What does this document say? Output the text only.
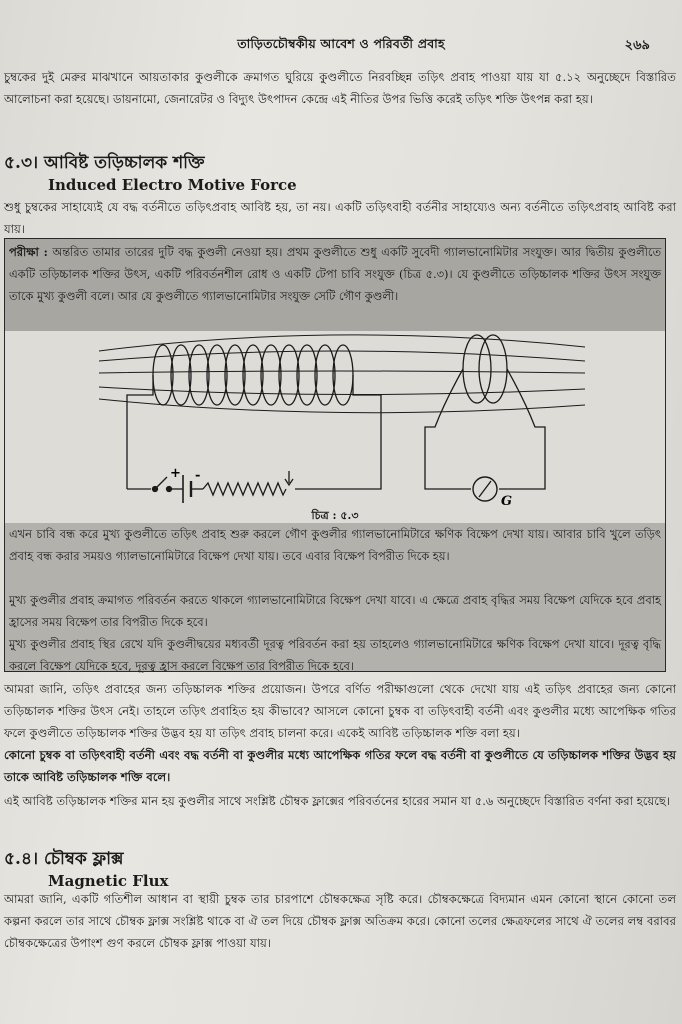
তাড়িতচৌম্বকীয় আবেশ ও পরিবর্তী প্রবাহ	২৬৯
চুম্বকের দুই মেরুর মাঝখানে আয়তাকার কুণ্ডলীকে ক্রমাগত ঘুরিয়ে কুণ্ডলীতে নিরবচ্ছিন্ন তড়িৎ প্রবাহ পাওয়া যায় যা ৫.১২ অনুচ্ছেদে বিস্তারিত আলোচনা করা হয়েছে। ডায়নামো, জেনারেটর ও বিদ্যুৎ উৎপাদন কেন্দ্রে এই নীতির উপর ভিত্তি করেই তড়িৎ শক্তি উৎপন্ন করা হয়।
৫.৩। আবিষ্ট তড়িচ্চালক শক্তি
Induced Electro Motive Force
শুধু চুম্বকের সাহায্যেই যে বদ্ধ বর্তনীতে তড়িৎপ্রবাহ আবিষ্ট হয়, তা নয়। একটি তড়িৎবাহী বর্তনীর সাহায্যেও অন্য বর্তনীতে তড়িৎপ্রবাহ আবিষ্ট করা যায়।
+ -
G
পরীক্ষা : অন্তরিত তামার তারের দুটি বদ্ধ কুণ্ডলী নেওয়া হয়। প্রথম কুণ্ডলীতে শুধু একটি সুবেদী গ্যালভানোমিটার সংযুক্ত। আর দ্বিতীয় কুণ্ডলীতে একটি তড়িচ্চালক শক্তির উৎস, একটি পরিবর্তনশীল রোধ ও একটি টেপা চাবি সংযুক্ত (চিত্র ৫.৩)। যে কুণ্ডলীতে তড়িচ্চালক শক্তির উৎস সংযুক্ত তাকে মুখ্য কুণ্ডলী বলে। আর যে কুণ্ডলীতে গ্যালভানোমিটার সংযুক্ত সেটি গৌণ কুণ্ডলী।
চিত্র : ৫.৩
এখন চাবি বন্ধ করে মুখ্য কুণ্ডলীতে তড়িৎ প্রবাহ শুরু করলে গৌণ কুণ্ডলীর গ্যালভানোমিটারে ক্ষণিক বিক্ষেপ দেখা যায়। আবার চাবি খুলে তড়িৎ প্রবাহ বন্ধ করার সময়ও গ্যালভানোমিটারে বিক্ষেপ দেখা যায়। তবে এবার বিক্ষেপ বিপরীত দিকে হয়।
মুখ্য কুণ্ডলীর প্রবাহ ক্রমাগত পরিবর্তন করতে থাকলে গ্যালভানোমিটারে বিক্ষেপ দেখা যাবে। এ ক্ষেত্রে প্রবাহ বৃদ্ধির সময় বিক্ষেপ যেদিকে হবে প্রবাহ হ্রাসের সময় বিক্ষেপ তার বিপরীত দিকে হবে।
মুখ্য কুণ্ডলীর প্রবাহ স্থির রেখে যদি কুণ্ডলীদ্বয়ের মধ্যবর্তী দূরত্ব পরিবর্তন করা হয় তাহলেও গ্যালভানোমিটারে ক্ষণিক বিক্ষেপ দেখা যাবে। দূরত্ব বৃদ্ধি করলে বিক্ষেপ যেদিকে হবে, দূরত্ব হ্রাস করলে বিক্ষেপ তার বিপরীত দিকে হবে।
আমরা জানি, তড়িৎ প্রবাহের জন্য তড়িচ্চালক শক্তির প্রয়োজন। উপরে বর্ণিত পরীক্ষাগুলো থেকে দেখো যায় এই তড়িৎ প্রবাহের জন্য কোনো তড়িচ্চালক শক্তির উৎস নেই। তাহলে তড়িৎ প্রবাহিত হয় কীভাবে? আসলে কোনো চুম্বক বা তড়িৎবাহী বর্তনী এবং কুণ্ডলীর মধ্যে আপেক্ষিক গতির ফলে কুণ্ডলীতে তড়িচ্চালক শক্তির উদ্ভব হয় যা তড়িৎ প্রবাহ চালনা করে। একেই আবিষ্ট তড়িচ্চালক শক্তি বলা হয়।
কোনো চুম্বক বা তড়িৎবাহী বর্তনী এবং বদ্ধ বর্তনী বা কুণ্ডলীর মধ্যে আপেক্ষিক গতির ফলে বদ্ধ বর্তনী বা কুণ্ডলীতে যে তড়িচ্চালক শক্তির উদ্ভব হয় তাকে আবিষ্ট তড়িচ্চালক শক্তি বলে।
এই আবিষ্ট তড়িচ্চালক শক্তির মান হয় কুণ্ডলীর সাথে সংশ্লিষ্ট চৌম্বক ফ্লাক্সের পরিবর্তনের হারের সমান যা ৫.৬ অনুচ্ছেদে বিস্তারিত বর্ণনা করা হয়েছে।
৫.৪। চৌম্বক ফ্লাক্স
Magnetic Flux
আমরা জানি, একটি গতিশীল আধান বা স্থায়ী চুম্বক তার চারপাশে চৌম্বকক্ষেত্র সৃষ্টি করে। চৌম্বকক্ষেত্রে বিদ্যমান এমন কোনো স্থানে কোনো তল কল্পনা করলে তার সাথে চৌম্বক ফ্লাক্স সংশ্লিষ্ট থাকে বা ঐ তল দিয়ে চৌম্বক ফ্লাক্স অতিক্রম করে। কোনো তলের ক্ষেত্রফলের সাথে ঐ তলের লম্ব বরাবর চৌম্বকক্ষেত্রের উপাংশ গুণ করলে চৌম্বক ফ্লাক্স পাওয়া যায়।
